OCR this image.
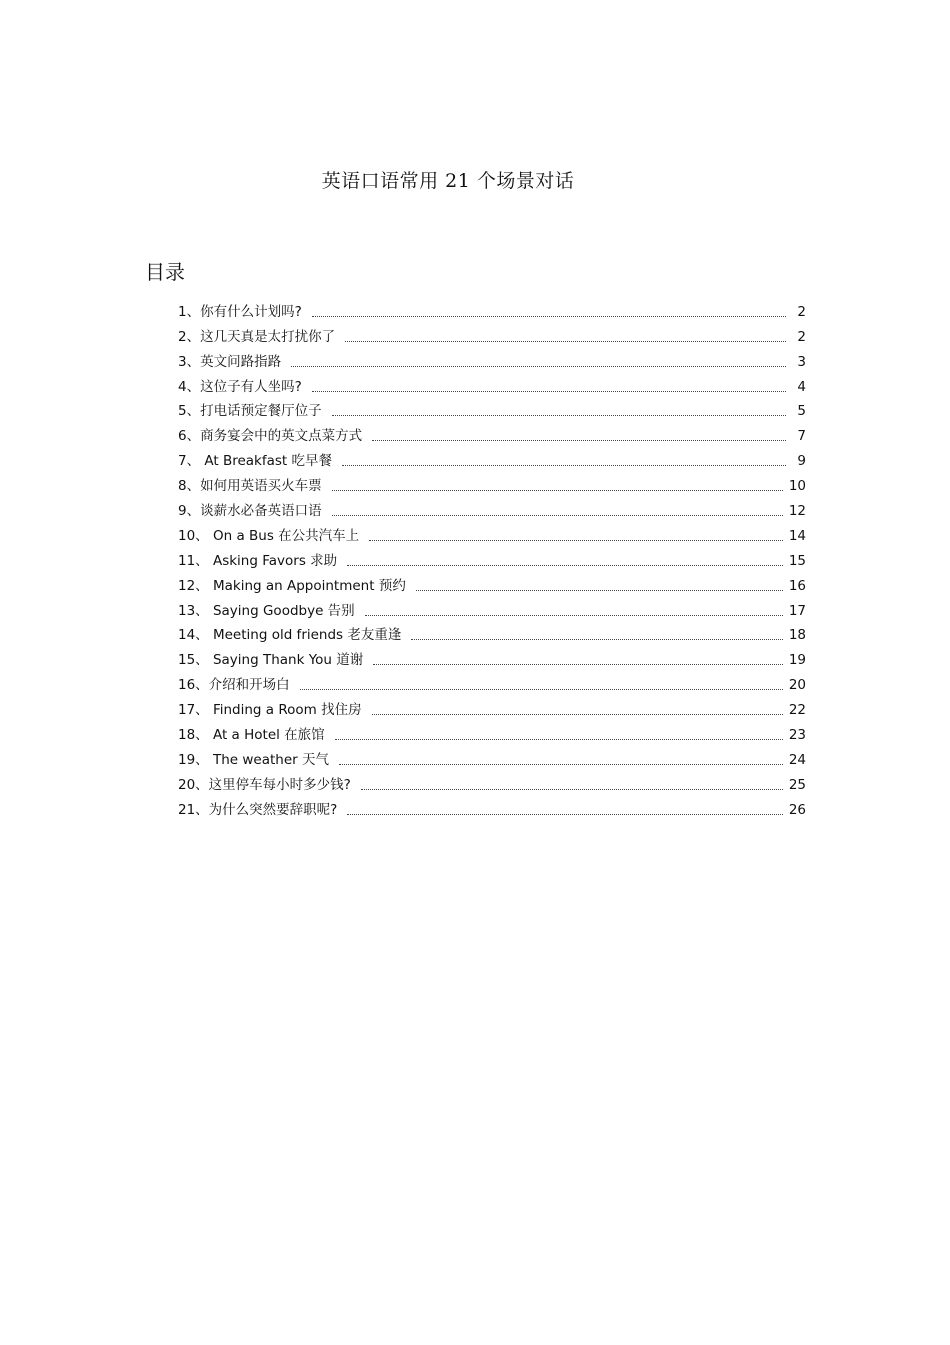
英语口语常用 21 个场景对话
目录
1、你有什么计划吗?	2
2、这几天真是太打扰你了	2
3、英文问路指路	3
4、这位子有人坐吗?	4
5、打电话预定餐厅位子	5
6、商务宴会中的英文点菜方式	7
7、 At Breakfast 吃早餐	9
8、如何用英语买火车票	10
9、谈薪水必备英语口语	12
10、 On a Bus 在公共汽车上	14
11、 Asking Favors 求助	15
12、 Making an Appointment 预约	16
13、 Saying Goodbye 告别	17
14、 Meeting old friends 老友重逢	18
15、 Saying Thank You 道谢	19
16、介绍和开场白	20
17、 Finding a Room 找住房	22
18、 At a Hotel 在旅馆	23
19、 The weather 天气	24
20、这里停车每小时多少钱?	25
21、为什么突然要辞职呢?	26
